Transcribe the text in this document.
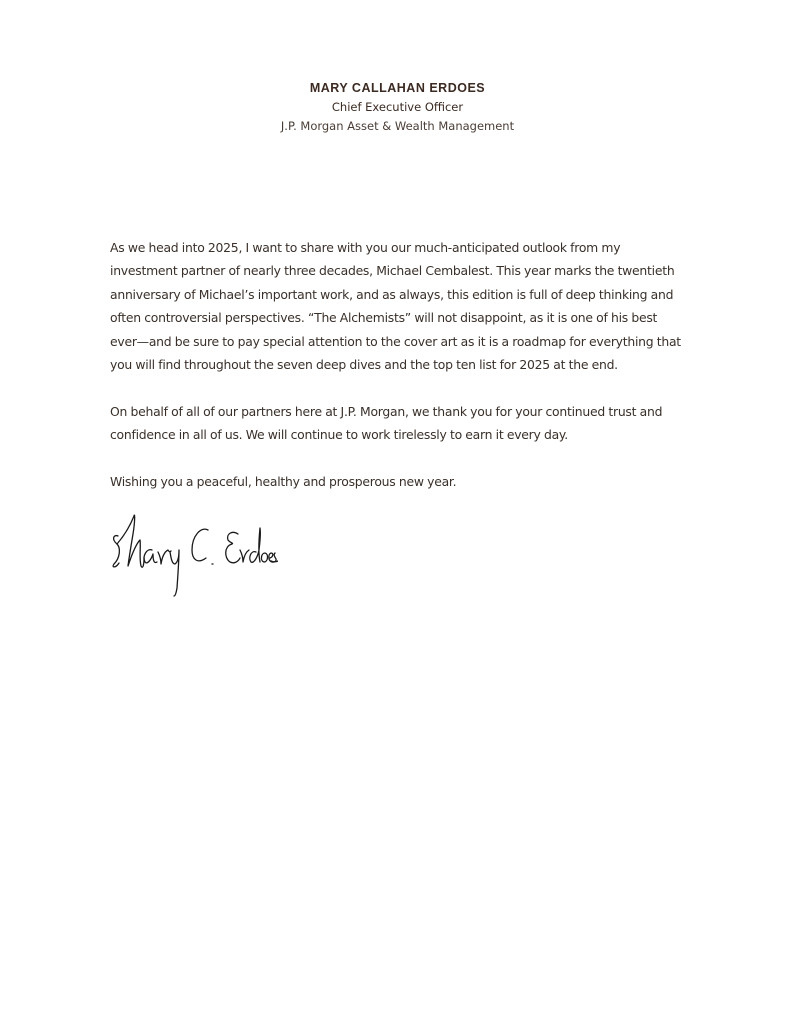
MARY CALLAHAN ERDOES
Chief Executive Officer
J.P. Morgan Asset & Wealth Management

As we head into 2025, I want to share with you our much-anticipated outlook from my investment partner of nearly three decades, Michael Cembalest. This year marks the twentieth anniversary of Michael’s important work, and as always, this edition is full of deep thinking and often controversial perspectives. “The Alchemists” will not disappoint, as it is one of his best ever—and be sure to pay special attention to the cover art as it is a roadmap for everything that you will find throughout the seven deep dives and the top ten list for 2025 at the end.

On behalf of all of our partners here at J.P. Morgan, we thank you for your continued trust and confidence in all of us. We will continue to work tirelessly to earn it every day.

Wishing you a peaceful, healthy and prosperous new year.
